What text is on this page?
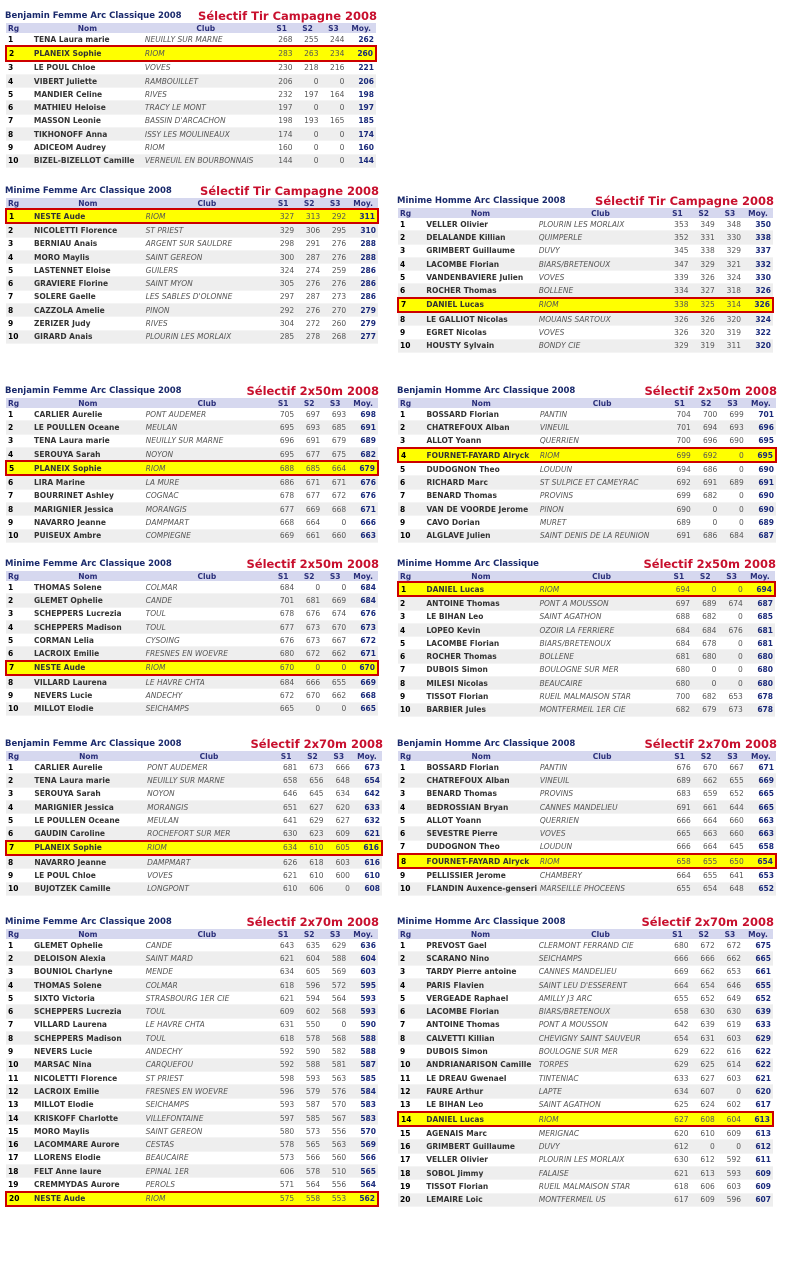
Benjamin Femme Arc Classique 2008 Sélectif Tir Campagne 2008
Rg	Nom	Club	S1	S2	S3	Moy.
1	TENA Laura marie	NEUILLY SUR MARNE	268	255	244	262
2	PLANEIX Sophie	RIOM	283	263	234	260
3	LE POUL Chloe	VOVES	230	218	216	221
4	VIBERT Juliette	RAMBOUILLET	206	0	0	206
5	MANDIER Celine	RIVES	232	197	164	198
6	MATHIEU Heloise	TRACY LE MONT	197	0	0	197
7	MASSON Leonie	BASSIN D'ARCACHON	198	193	165	185
8	TIKHONOFF Anna	ISSY LES MOULINEAUX	174	0	0	174
9	ADICEOM Audrey	RIOM	160	0	0	160
10	BIZEL-BIZELLOT Camille	VERNEUIL EN BOURBONNAIS	144	0	0	144
Minime Femme Arc Classique 2008 Sélectif Tir Campagne 2008
Rg	Nom	Club	S1	S2	S3	Moy.
1	NESTE Aude	RIOM	327	313	292	311
2	NICOLETTI Florence	ST PRIEST	329	306	295	310
3	BERNIAU Anais	ARGENT SUR SAULDRE	298	291	276	288
4	MORO Maylis	SAINT GEREON	300	287	276	288
5	LASTENNET Eloise	GUILERS	324	274	259	286
6	GRAVIERE Florine	SAINT MYON	305	276	276	286
7	SOLERE Gaelle	LES SABLES D'OLONNE	297	287	273	286
8	CAZZOLA Amelie	PINON	292	276	270	279
9	ZERIZER Judy	RIVES	304	272	260	279
10	GIRARD Anais	PLOURIN LES MORLAIX	285	278	268	277
Minime Homme Arc Classique 2008	Sélectif Tir Campagne 2008
Rg	Nom	Club	S1	S2	S3	Moy.
1	VELLER Olivier	PLOURIN LES MORLAIX	353	349	348	350
2	DELALANDE Killian	QUIMPERLE	352	331	330	338
3	GRIMBERT Guillaume	DUVY	345	338	329	337
4	LACOMBE Florian	BIARS/BRETENOUX	347	329	321	332
5	VANDENBAVIERE Julien	VOVES	339	326	324	330
6	ROCHER Thomas	BOLLENE	334	327	318	326
7	DANIEL Lucas	RIOM	338	325	314	326
8	LE GALLIOT Nicolas	MOUANS SARTOUX	326	326	320	324
9	EGRET Nicolas	VOVES	326	320	319	322
10	HOUSTY Sylvain	BONDY CIE	329	319	311	320
Benjamin Femme Arc Classique 2008	Sélectif 2x50m 2008
Rg	Nom	Club	S1	S2	S3	Moy.
1	CARLIER Aurelie	PONT AUDEMER	705	697	693	698
2	LE POULLEN Oceane	MEULAN	695	693	685	691
3	TENA Laura marie	NEUILLY SUR MARNE	696	691	679	689
4	SEROUYA Sarah	NOYON	695	677	675	682
5	PLANEIX Sophie	RIOM	688	685	664	679
6	LIRA Marine	LA MURE	686	671	671	676
7	BOURRINET Ashley	COGNAC	678	677	672	676
8	MARIGNIER Jessica	MORANGIS	677	669	668	671
9	NAVARRO Jeanne	DAMPMART	668	664	0	666
10	PUISEUX Ambre	COMPIEGNE	669	661	660	663
Benjamin Homme Arc Classique 2008	Sélectif 2x50m 2008
Rg	Nom	Club	S1	S2	S3	Moy.
1	BOSSARD Florian	PANTIN	704	700	699	701
2	CHATREFOUX Alban	VINEUIL	701	694	693	696
3	ALLOT Yoann	QUERRIEN	700	696	690	695
4	FOURNET-FAYARD Alryck	RIOM	699	692	0	695
5	DUDOGNON Theo	LOUDUN	694	686	0	690
6	RICHARD Marc	ST SULPICE ET CAMEYRAC	692	691	689	691
7	BENARD Thomas	PROVINS	699	682	0	690
8	VAN DE VOORDE Jerome	PINON	690	0	0	690
9	CAVO Dorian	MURET	689	0	0	689
10	ALGLAVE Julien	SAINT DENIS DE LA REUNION	691	686	684	687
Minime Femme Arc Classique 2008	Sélectif 2x50m 2008
Rg	Nom	Club	S1	S2	S3	Moy.
1	THOMAS Solene	COLMAR	684	0	0	684
2	GLEMET Ophelie	CANDE	701	681	669	684
3	SCHEPPERS Lucrezia	TOUL	678	676	674	676
4	SCHEPPERS Madison	TOUL	677	673	670	673
5	CORMAN Lelia	CYSOING	676	673	667	672
6	LACROIX Emilie	FRESNES EN WOEVRE	680	672	662	671
7	NESTE Aude	RIOM	670	0	0	670
8	VILLARD Laurena	LE HAVRE CHTA	684	666	655	669
9	NEVERS Lucie	ANDECHY	672	670	662	668
10	MILLOT Elodie	SEICHAMPS	665	0	0	665
Minime Homme Arc Classique	Sélectif 2x50m 2008
Rg	Nom	Club	S1	S2	S3	Moy.
1	DANIEL Lucas	RIOM	694	0	0	694
2	ANTOINE Thomas	PONT A MOUSSON	697	689	674	687
3	LE BIHAN Leo	SAINT AGATHON	688	682	0	685
4	LOPEO Kevin	OZOIR LA FERRIERE	684	684	676	681
5	LACOMBE Florian	BIARS/BRETENOUX	684	678	0	681
6	ROCHER Thomas	BOLLENE	681	680	0	680
7	DUBOIS Simon	BOULOGNE SUR MER	680	0	0	680
8	MILESI Nicolas	BEAUCAIRE	680	0	0	680
9	TISSOT Florian	RUEIL MALMAISON STAR	700	682	653	678
10	BARBIER Jules	MONTFERMEIL 1ER CIE	682	679	673	678
Benjamin Femme Arc Classique 2008	Sélectif 2x70m 2008
Rg	Nom	Club	S1	S2	S3	Moy.
1	CARLIER Aurelie	PONT AUDEMER	681	673	666	673
2	TENA Laura marie	NEUILLY SUR MARNE	658	656	648	654
3	SEROUYA Sarah	NOYON	646	645	634	642
4	MARIGNIER Jessica	MORANGIS	651	627	620	633
5	LE POULLEN Oceane	MEULAN	641	629	627	632
6	GAUDIN Caroline	ROCHEFORT SUR MER	630	623	609	621
7	PLANEIX Sophie	RIOM	634	610	605	616
8	NAVARRO Jeanne	DAMPMART	626	618	603	616
9	LE POUL Chloe	VOVES	621	610	600	610
10	BUJOTZEK Camille	LONGPONT	610	606	0	608
Benjamin Homme Arc Classique 2008	Sélectif 2x70m 2008
Rg	Nom	Club	S1	S2	S3	Moy.
1	BOSSARD Florian	PANTIN	676	670	667	671
2	CHATREFOUX Alban	VINEUIL	689	662	655	669
3	BENARD Thomas	PROVINS	683	659	652	665
4	BEDROSSIAN Bryan	CANNES MANDELIEU	691	661	644	665
5	ALLOT Yoann	QUERRIEN	666	664	660	663
6	SEVESTRE Pierre	VOVES	665	663	660	663
7	DUDOGNON Theo	LOUDUN	666	664	645	658
8	FOURNET-FAYARD Alryck	RIOM	658	655	650	654
9	PELLISSIER Jerome	CHAMBERY	664	655	641	653
10	FLANDIN Auxence-genseri	MARSEILLE PHOCEENS	655	654	648	652
Minime Femme Arc Classique 2008	Sélectif 2x70m 2008
Rg	Nom	Club	S1	S2	S3	Moy.
1	GLEMET Ophelie	CANDE	643	635	629	636
2	DELOISON Alexia	SAINT MARD	621	604	588	604
3	BOUNIOL Charlyne	MENDE	634	605	569	603
4	THOMAS Solene	COLMAR	618	596	572	595
5	SIXTO Victoria	STRASBOURG 1ER CIE	621	594	564	593
6	SCHEPPERS Lucrezia	TOUL	609	602	568	593
7	VILLARD Laurena	LE HAVRE CHTA	631	550	0	590
8	SCHEPPERS Madison	TOUL	618	578	568	588
9	NEVERS Lucie	ANDECHY	592	590	582	588
10	MARSAC Nina	CARQUEFOU	592	588	581	587
11	NICOLETTI Florence	ST PRIEST	598	593	563	585
12	LACROIX Emilie	FRESNES EN WOEVRE	596	579	576	584
13	MILLOT Elodie	SEICHAMPS	593	587	570	583
14	KRISKOFF Charlotte	VILLEFONTAINE	597	585	567	583
15	MORO Maylis	SAINT GEREON	580	573	556	570
16	LACOMMARE Aurore	CESTAS	578	565	563	569
17	LLORENS Elodie	BEAUCAIRE	573	566	560	566
18	FELT Anne laure	EPINAL 1ER	606	578	510	565
19	CREMMYDAS Aurore	PEROLS	571	564	556	564
20	NESTE Aude	RIOM	575	558	553	562
Minime Homme Arc Classique 2008	Sélectif 2x70m 2008
Rg	Nom	Club	S1	S2	S3	Moy.
1	PREVOST Gael	CLERMONT FERRAND CIE	680	672	672	675
2	SCARANO Nino	SEICHAMPS	666	666	662	665
3	TARDY Pierre antoine	CANNES MANDELIEU	669	662	653	661
4	PARIS Flavien	SAINT LEU D'ESSERENT	664	654	646	655
5	VERGEADE Raphael	AMILLY J3 ARC	655	652	649	652
6	LACOMBE Florian	BIARS/BRETENOUX	658	630	630	639
7	ANTOINE Thomas	PONT A MOUSSON	642	639	619	633
8	CALVETTI Killian	CHEVIGNY SAINT SAUVEUR	654	631	603	629
9	DUBOIS Simon	BOULOGNE SUR MER	629	622	616	622
10	ANDRIANARISON Camille	TORPES	629	625	614	622
11	LE DREAU Gwenael	TINTENIAC	633	627	603	621
12	FAURE Arthur	LAPTE	634	607	0	620
13	LE BIHAN Leo	SAINT AGATHON	625	624	602	617
14	DANIEL Lucas	RIOM	627	608	604	613
15	AGENAIS Marc	MERIGNAC	620	610	609	613
16	GRIMBERT Guillaume	DUVY	612	0	0	612
17	VELLER Olivier	PLOURIN LES MORLAIX	630	612	592	611
18	SOBOL Jimmy	FALAISE	621	613	593	609
19	TISSOT Florian	RUEIL MALMAISON STAR	618	606	603	609
20	LEMAIRE Loic	MONTFERMEIL US	617	609	596	607
